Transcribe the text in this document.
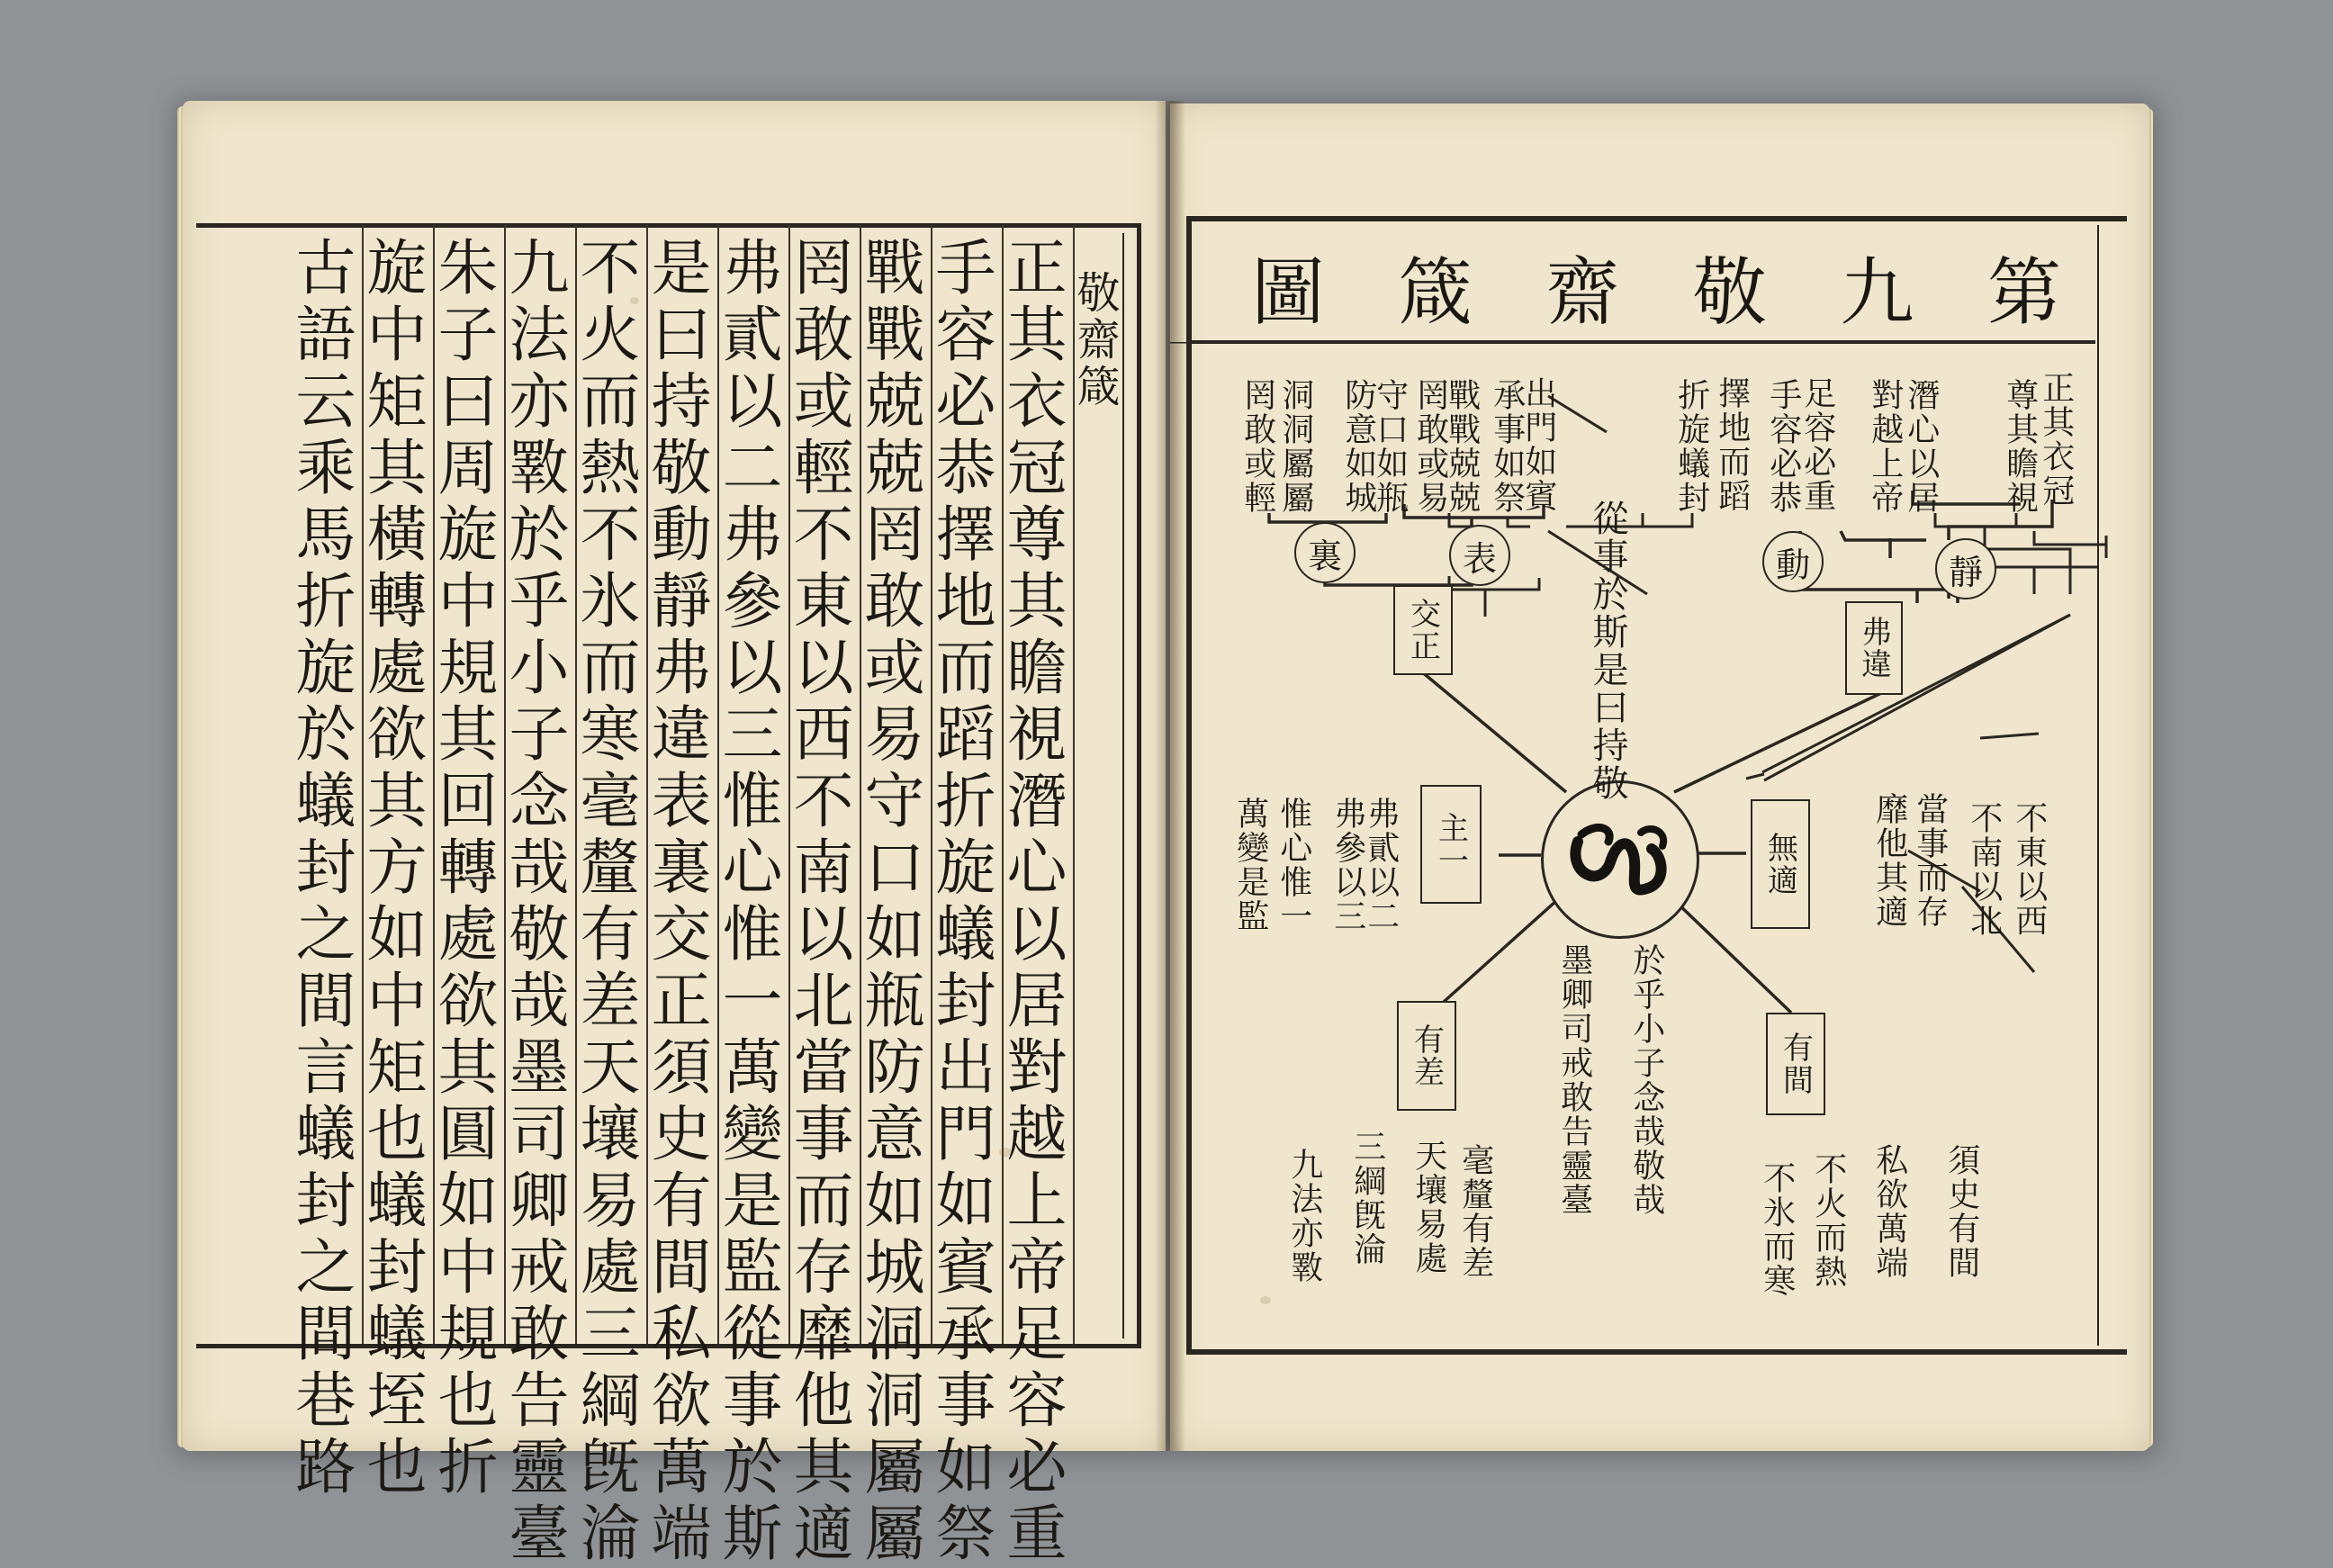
敬齋箴
正其衣冠尊其瞻視潛心以居對越上帝足容必重
手容必恭擇地而蹈折旋蟻封出門如賓承事如祭
戰戰兢兢罔敢或易守口如瓶防意如城洞洞屬屬
罔敢或輕不東以西不南以北當事而存靡他其適
弗貳以二弗參以三惟心惟一萬變是監從事於斯
是曰持敬動靜弗違表裏交正須史有間私欲萬端
不火而熱不氷而寒毫釐有差天壤易處三綱旣淪
九法亦斁於乎小子念哉敬哉墨司卿戒敢告靈臺
朱子曰周旋中規其回轉處欲其圓如中規也折
旋中矩其橫轉處欲其方如中矩也蟻封蟻垤也
古語云乘馬折旋於蟻封之間言蟻封之間巷路	第
九
敬
齋
箴
圖
弗違
交正
無適
主一
有間
有差
靜
動
表
裏	從事於斯是曰持敬
於乎小子念哉敬哉
墨卿司戒敢告靈臺
正其衣冠
尊其瞻視
潛心以居
對越上帝
足容必重
手容必恭
擇地而蹈
折旋蟻封
出門如賓
承事如祭
戰戰兢兢
罔敢或易
守口如瓶
防意如城
洞洞屬屬
罔敢或輕
不東以西
不南以北
當事而存
靡他其適
弗貳以二
弗參以三
惟心惟一
萬變是監
須史有間
私欲萬端
不火而熱
不氷而寒
毫釐有差
天壤易處
三綱旣淪
九法亦斁
